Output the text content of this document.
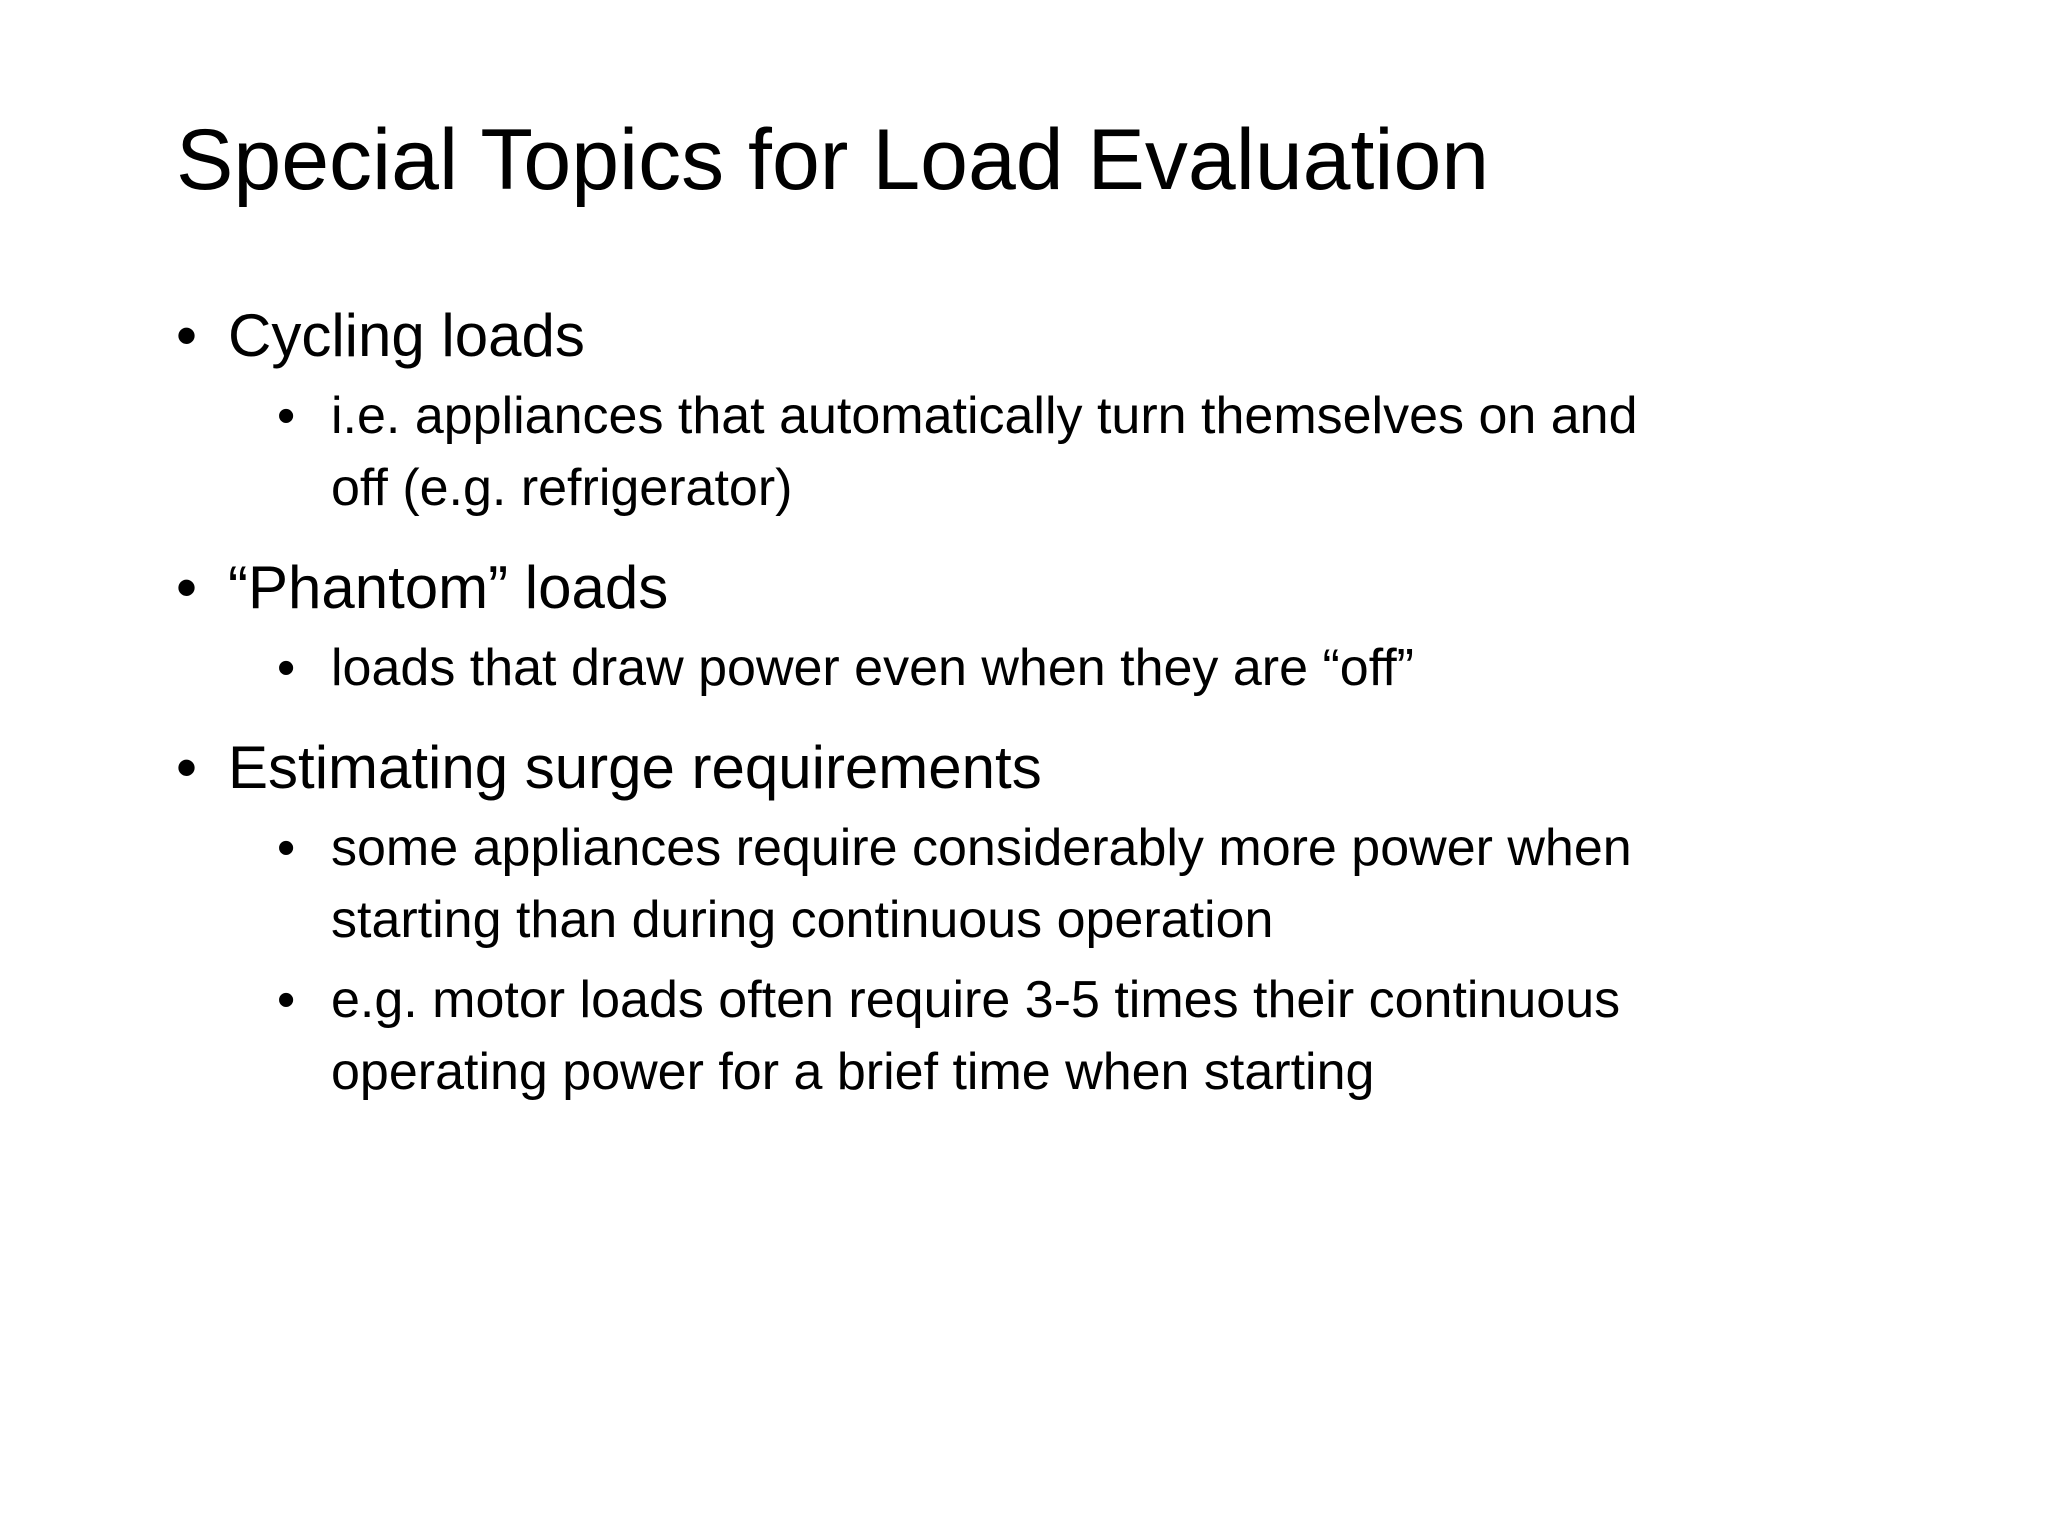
Special Topics for Load Evaluation
• Cycling loads
• i.e. appliances that automatically turn themselves on and
off (e.g. refrigerator)
• “Phantom” loads
• loads that draw power even when they are “off”
• Estimating surge requirements
• some appliances require considerably more power when
starting than during continuous operation
• e.g. motor loads often require 3-5 times their continuous
operating power for a brief time when starting
